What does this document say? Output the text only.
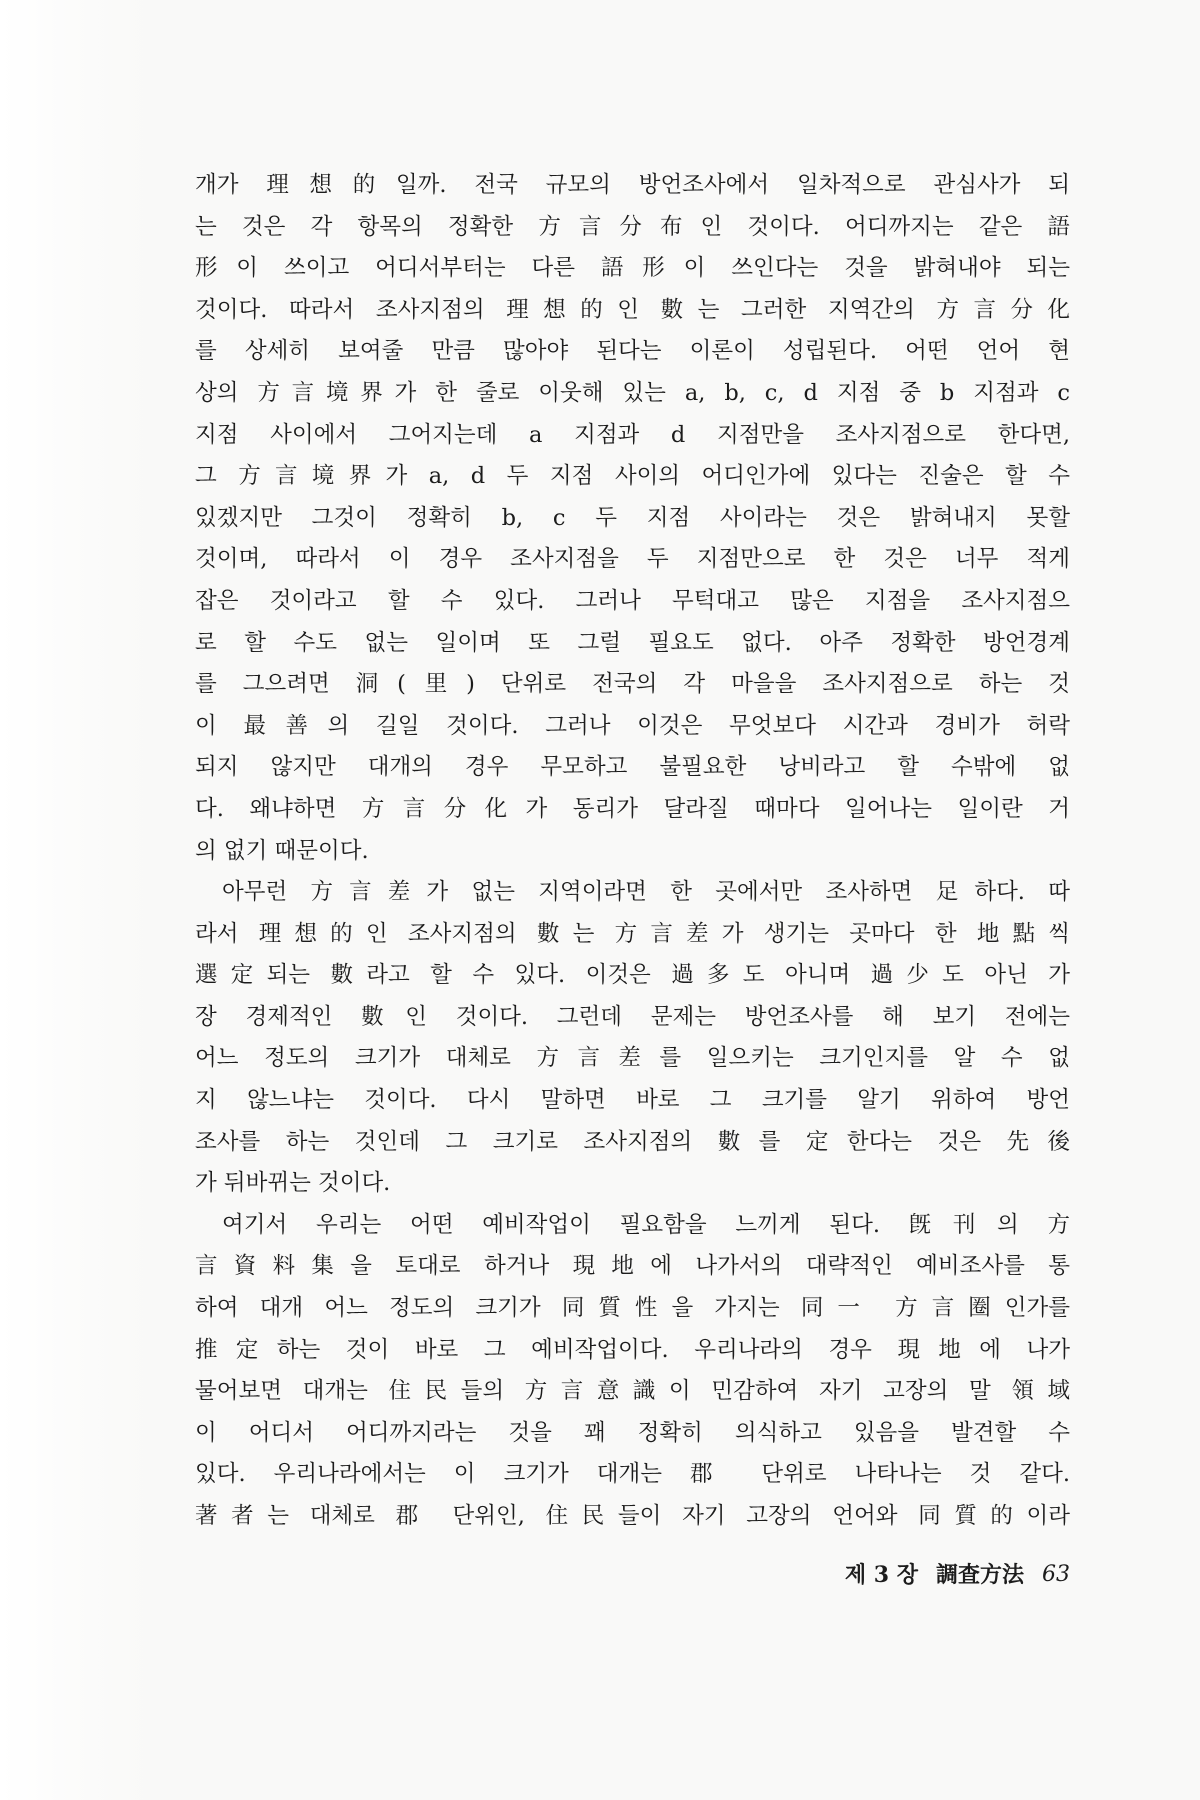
개가 理想的일까. 전국 규모의 방언조사에서 일차적으로 관심사가 되
는 것은 각 항목의 정확한 方言分布인 것이다. 어디까지는 같은 語
形이 쓰이고 어디서부터는 다른 語形이 쓰인다는 것을 밝혀내야 되는
것이다. 따라서 조사지점의 理想的인 數는 그러한 지역간의 方言分化
를 상세히 보여줄 만큼 많아야 된다는 이론이 성립된다. 어떤 언어 현
상의 方言境界가 한 줄로 이웃해 있는 a, b, c, d 지점 중 b 지점과 c
지점 사이에서 그어지는데 a 지점과 d 지점만을 조사지점으로 한다면,
그 方言境界가 a, d 두 지점 사이의 어디인가에 있다는 진술은 할 수
있겠지만 그것이 정확히 b, c 두 지점 사이라는 것은 밝혀내지 못할
것이며, 따라서 이 경우 조사지점을 두 지점만으로 한 것은 너무 적게
잡은 것이라고 할 수 있다. 그러나 무턱대고 많은 지점을 조사지점으
로 할 수도 없는 일이며 또 그럴 필요도 없다. 아주 정확한 방언경계
를 그으려면 洞(里) 단위로 전국의 각 마을을 조사지점으로 하는 것
이 最善의 길일 것이다. 그러나 이것은 무엇보다 시간과 경비가 허락
되지 않지만 대개의 경우 무모하고 불필요한 낭비라고 할 수밖에 없
다. 왜냐하면 方言分化가 동리가 달라질 때마다 일어나는 일이란 거
의 없기 때문이다.
아무런 方言差가 없는 지역이라면 한 곳에서만 조사하면 足하다. 따
라서 理想的인 조사지점의 數는 方言差가 생기는 곳마다 한 地點씩
選定되는 數라고 할 수 있다. 이것은 過多도 아니며 過少도 아닌 가
장 경제적인 數인 것이다. 그런데 문제는 방언조사를 해 보기 전에는
어느 정도의 크기가 대체로 方言差를 일으키는 크기인지를 알 수 없
지 않느냐는 것이다. 다시 말하면 바로 그 크기를 알기 위하여 방언
조사를 하는 것인데 그 크기로 조사지점의 數를 定한다는 것은 先後
가 뒤바뀌는 것이다.
여기서 우리는 어떤 예비작업이 필요함을 느끼게 된다. 旣刊의 方
言資料集을 토대로 하거나 現地에 나가서의 대략적인 예비조사를 통
하여 대개 어느 정도의 크기가 同質性을 가지는 同一 方言圈인가를
推定하는 것이 바로 그 예비작업이다. 우리나라의 경우 現地에 나가
물어보면 대개는 住民들의 方言意識이 민감하여 자기 고장의 말 領域
이 어디서 어디까지라는 것을 꽤 정확히 의식하고 있음을 발견할 수
있다. 우리나라에서는 이 크기가 대개는 郡 단위로 나타나는 것 같다.
著者는 대체로 郡 단위인, 住民들이 자기 고장의 언어와 同質的이라
제 3 장 調査方法 63
